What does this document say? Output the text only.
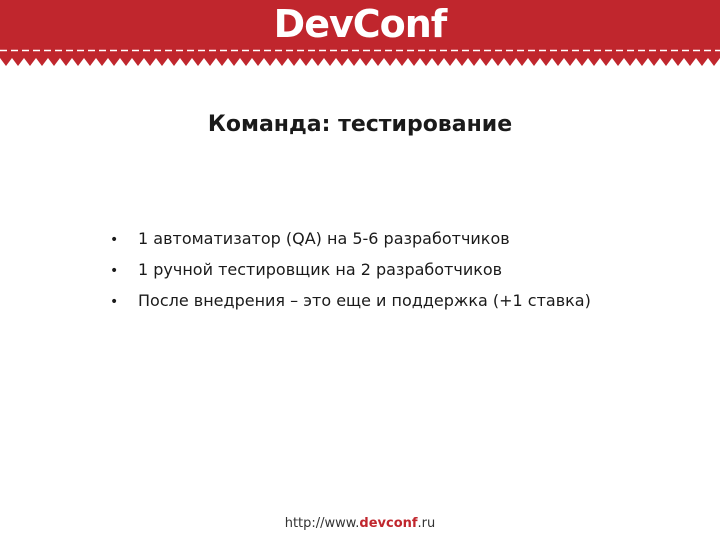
DevConf
Команда: тестирование
•	1 автоматизатор (QA) на 5-6 разработчиков
•	1 ручной тестировщик на 2 разработчиков
•	После внедрения – это еще и поддержка (+1 ставка)
http://www.devconf.ru
